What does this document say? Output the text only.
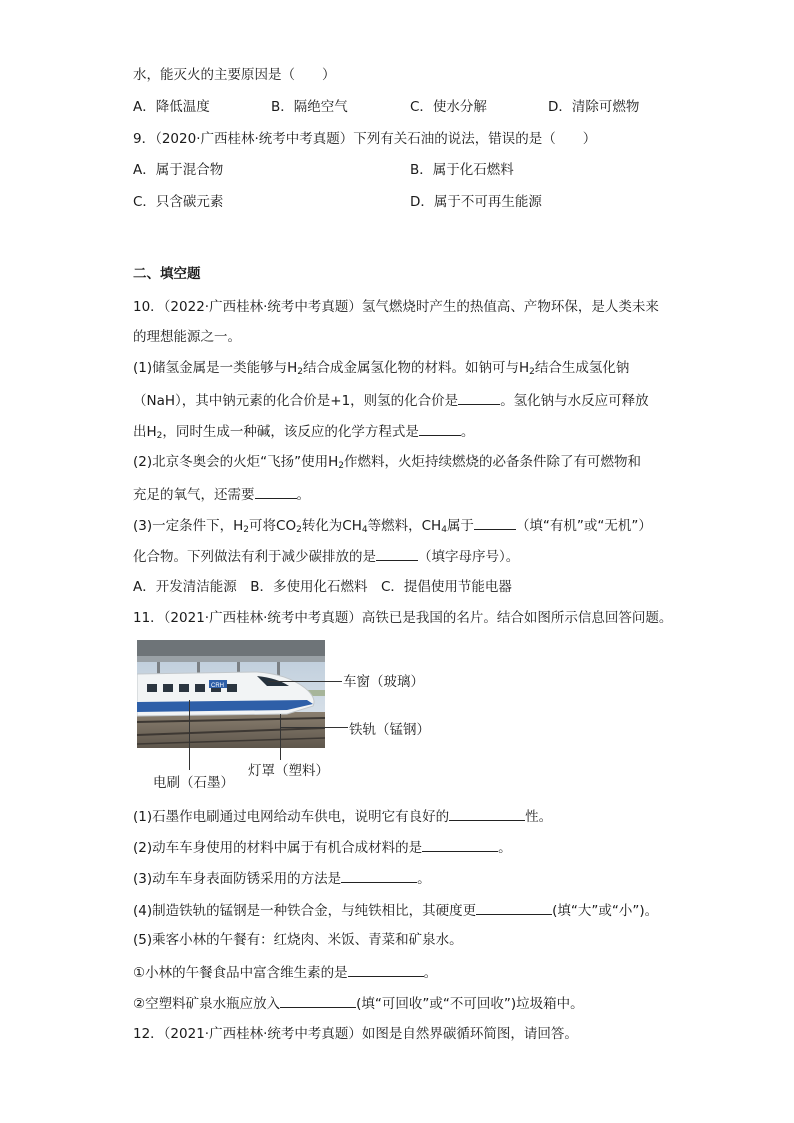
水，能灭火的主要原因是（　　）
A．降低温度	B．隔绝空气	C．使水分解	D．清除可燃物
9．（2020·广西桂林·统考中考真题）下列有关石油的说法，错误的是（　　）
A．属于混合物	B．属于化石燃料
C．只含碳元素	D．属于不可再生能源
二、填空题
10．（2022·广西桂林·统考中考真题）氢气燃烧时产生的热值高、产物环保，是人类未来
的理想能源之一。
(1)储氢金属是一类能够与$H_2$结合成金属氢化物的材料。如钠可与$H_2$结合生成氢化钠
（NaH），其中钠元素的化合价是+1，则氢的化合价是	。氢化钠与水反应可释放
出$H_2$，同时生成一种碱，该反应的化学方程式是	。
(2)北京冬奥会的火炬“飞扬”使用$H_2$作燃料，火炬持续燃烧的必备条件除了有可燃物和
充足的氧气，还需要	。
(3)一定条件下，$H_2$可将$CO_2$转化为$CH_4$等燃料，$CH_4$属于	（填“有机”或“无机”）
化合物。下列做法有利于减少碳排放的是	（填字母序号）。
A．开发清洁能源　B．多使用化石燃料　C．提倡使用节能电器
11．（2021·广西桂林·统考中考真题）高铁已是我国的名片。结合如图所示信息回答问题。
CRH	车窗（玻璃）
铁轨（锰钢）
电刷（石墨）
灯罩（塑料）
(1)石墨作电刷通过电网给动车供电，说明它有良好的	性。
(2)动车车身使用的材料中属于有机合成材料的是	。
(3)动车车身表面防锈采用的方法是	。
(4)制造铁轨的锰钢是一种铁合金，与纯铁相比，其硬度更	(填“大”或“小”)。
(5)乘客小林的午餐有：红烧肉、米饭、青菜和矿泉水。
①小林的午餐食品中富含维生素的是	。
②空塑料矿泉水瓶应放入	(填“可回收”或“不可回收”)垃圾箱中。
12．（2021·广西桂林·统考中考真题）如图是自然界碳循环简图，请回答。
